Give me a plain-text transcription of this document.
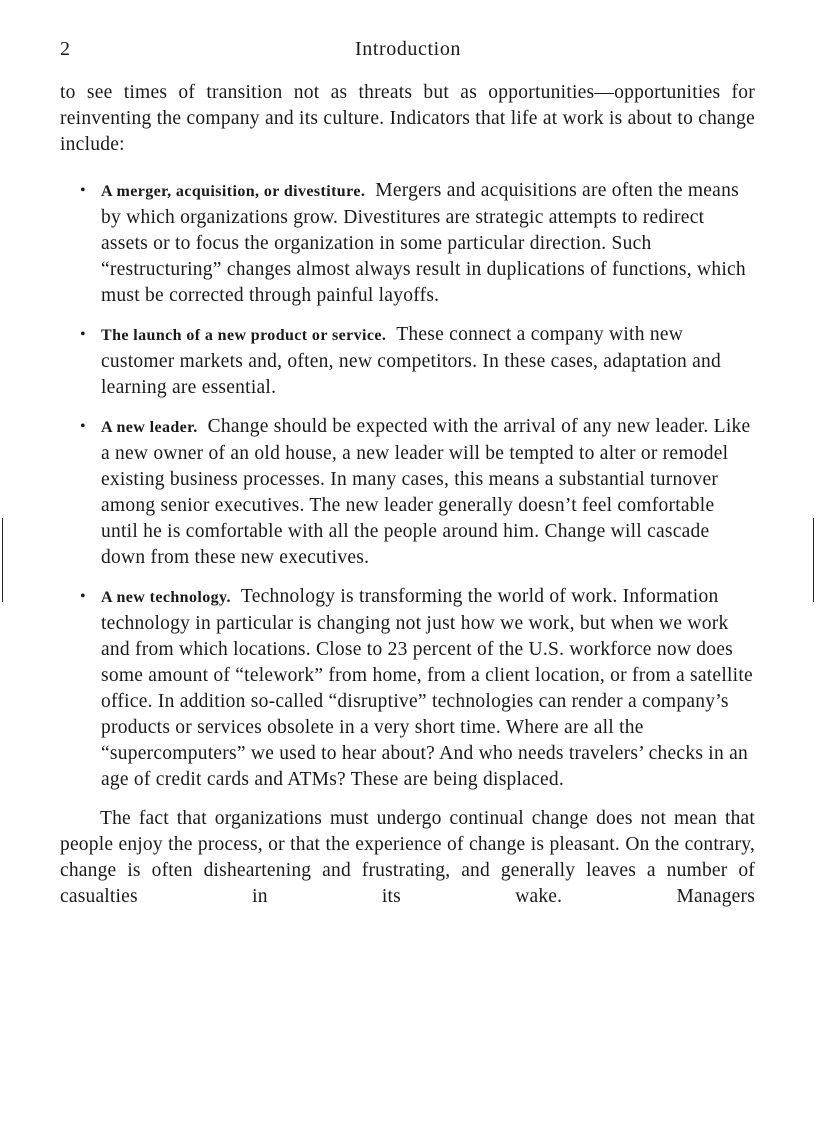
2	Introduction

to see times of transition not as threats but as opportunities—opportunities for reinventing the company and its culture. Indicators that life at work is about to change include:

• A merger, acquisition, or divestiture. Mergers and acquisitions are often the means by which organizations grow. Divestitures are strategic attempts to redirect assets or to focus the organization in some particular direction. Such “restructuring” changes almost always result in duplications of functions, which must be corrected through painful layoffs.
• The launch of a new product or service. These connect a company with new customer markets and, often, new competitors. In these cases, adaptation and learning are essential.
• A new leader. Change should be expected with the arrival of any new leader. Like a new owner of an old house, a new leader will be tempted to alter or remodel existing business processes. In many cases, this means a substantial turnover among senior executives. The new leader generally doesn’t feel comfortable until he is comfortable with all the people around him. Change will cascade down from these new executives.
• A new technology. Technology is transforming the world of work. Information technology in particular is changing not just how we work, but when we work and from which locations. Close to 23 percent of the U.S. workforce now does some amount of “telework” from home, from a client location, or from a satellite office. In addition so-called “disruptive” technologies can render a company’s products or services obsolete in a very short time. Where are all the “supercomputers” we used to hear about? And who needs travelers’ checks in an age of credit cards and ATMs? These are being displaced.

The fact that organizations must undergo continual change does not mean that people enjoy the process, or that the experience of change is pleasant. On the contrary, change is often disheartening and frustrating, and generally leaves a number of casualties in its wake. Managers
